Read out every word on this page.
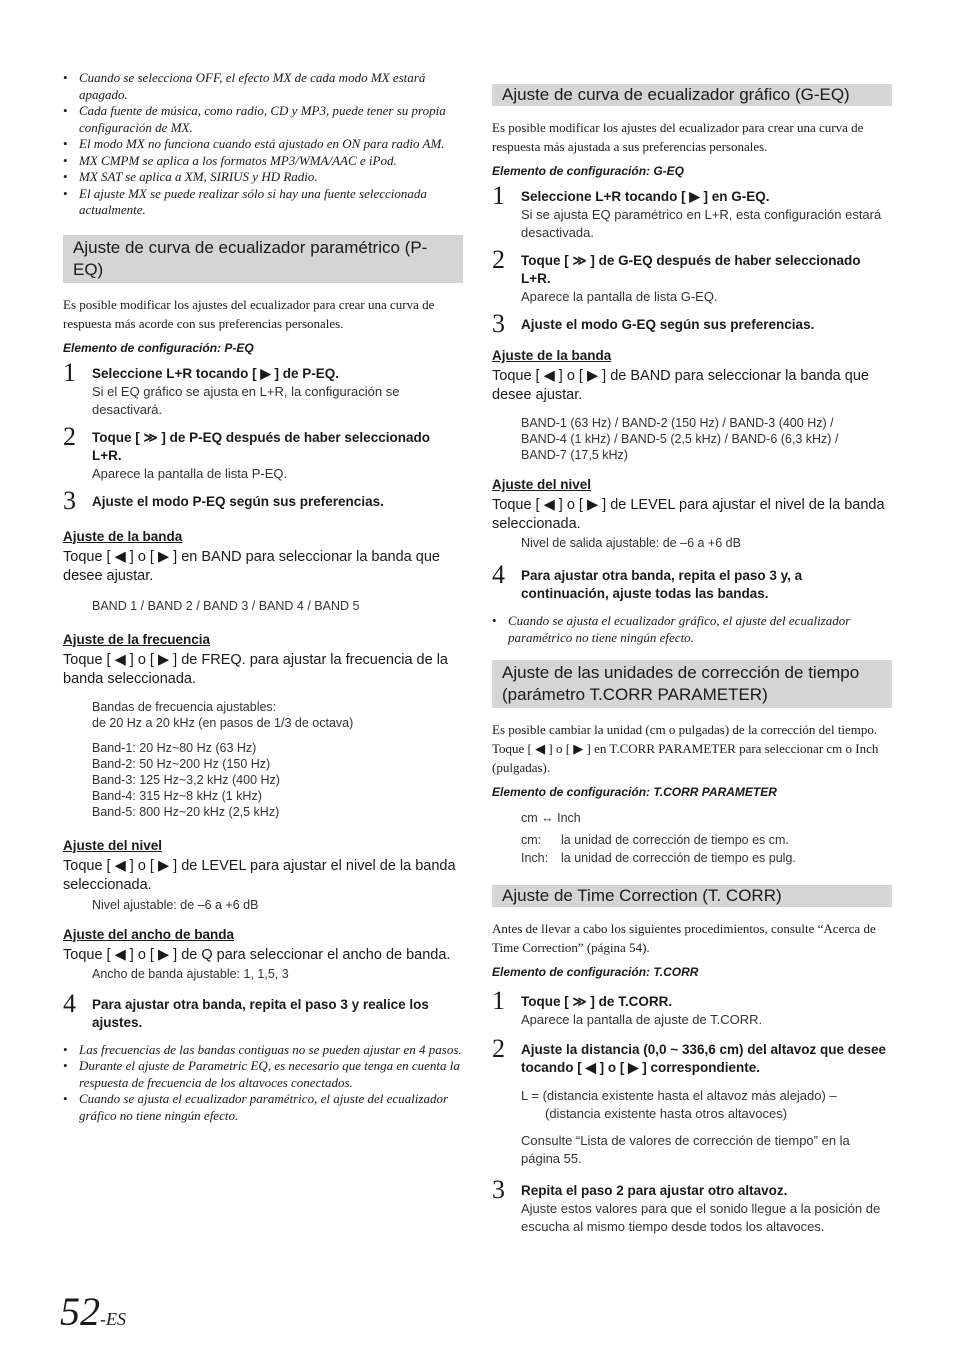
• Cuando se selecciona OFF, el efecto MX de cada modo MX estará apagado.
• Cada fuente de música, como radio, CD y MP3, puede tener su propia configuración de MX.
• El modo MX no funciona cuando está ajustado en ON para radio AM.
• MX CMPM se aplica a los formatos MP3/WMA/AAC e iPod.
• MX SAT se aplica a XM, SIRIUS y HD Radio.
• El ajuste MX se puede realizar sólo si hay una fuente seleccionada actualmente.
Ajuste de curva de ecualizador paramétrico (P-EQ)

Es posible modificar los ajustes del ecualizador para crear una curva de respuesta más acorde con sus preferencias personales.

Elemento de configuración: P-EQ
1 Seleccione L+R tocando [ ▶ ] de P-EQ.
Si el EQ gráfico se ajusta en L+R, la configuración se desactivará.
2 Toque [ ≫ ] de P-EQ después de haber seleccionado L+R.
Aparece la pantalla de lista P-EQ.
3 Ajuste el modo P-EQ según sus preferencias.
Ajuste de la banda
Toque [ ◀ ] o [ ▶ ] en BAND para seleccionar la banda que desee ajustar.
BAND 1 / BAND 2 / BAND 3 / BAND 4 / BAND 5
Ajuste de la frecuencia
Toque [ ◀ ] o [ ▶ ] de FREQ. para ajustar la frecuencia de la banda seleccionada.
Bandas de frecuencia ajustables:
de 20 Hz a 20 kHz (en pasos de 1/3 de octava)
Band-1: 20 Hz~80 Hz (63 Hz)
Band-2: 50 Hz~200 Hz (150 Hz)
Band-3: 125 Hz~3,2 kHz (400 Hz)
Band-4: 315 Hz~8 kHz (1 kHz)
Band-5: 800 Hz~20 kHz (2,5 kHz)
Ajuste del nivel
Toque [ ◀ ] o [ ▶ ] de LEVEL para ajustar el nivel de la banda seleccionada.
Nivel ajustable: de –6 a +6 dB
Ajuste del ancho de banda
Toque [ ◀ ] o [ ▶ ] de Q para seleccionar el ancho de banda.
Ancho de banda ajustable: 1, 1,5, 3
4 Para ajustar otra banda, repita el paso 3 y realice los ajustes.
• Las frecuencias de las bandas contiguas no se pueden ajustar en 4 pasos.
• Durante el ajuste de Parametric EQ, es necesario que tenga en cuenta la respuesta de frecuencia de los altavoces conectados.
• Cuando se ajusta el ecualizador paramétrico, el ajuste del ecualizador gráfico no tiene ningún efecto.
Ajuste de curva de ecualizador gráfico (G-EQ)

Es posible modificar los ajustes del ecualizador para crear una curva de respuesta más ajustada a sus preferencias personales.

Elemento de configuración: G-EQ
1 Seleccione L+R tocando [ ▶ ] en G-EQ.
Si se ajusta EQ paramétrico en L+R, esta configuración estará desactivada.
2 Toque [ ≫ ] de G-EQ después de haber seleccionado L+R.
Aparece la pantalla de lista G-EQ.
3 Ajuste el modo G-EQ según sus preferencias.
Ajuste de la banda
Toque [ ◀ ] o [ ▶ ] de BAND para seleccionar la banda que desee ajustar.
BAND-1 (63 Hz) / BAND-2 (150 Hz) / BAND-3 (400 Hz) /
BAND-4 (1 kHz) / BAND-5 (2,5 kHz) / BAND-6 (6,3 kHz) /
BAND-7 (17,5 kHz)
Ajuste del nivel
Toque [ ◀ ] o [ ▶ ] de LEVEL para ajustar el nivel de la banda seleccionada.
Nivel de salida ajustable: de –6 a +6 dB
4 Para ajustar otra banda, repita el paso 3 y, a continuación, ajuste todas las bandas.
• Cuando se ajusta el ecualizador gráfico, el ajuste del ecualizador paramétrico no tiene ningún efecto.
Ajuste de las unidades de corrección de tiempo (parámetro T.CORR PARAMETER)

Es posible cambiar la unidad (cm o pulgadas) de la corrección del tiempo.

Toque [ ◀ ] o [ ▶ ] en T.CORR PARAMETER para seleccionar cm o Inch (pulgadas).

Elemento de configuración: T.CORR PARAMETER
cm ↔ Inch
cm: la unidad de corrección de tiempo es cm.
Inch: la unidad de corrección de tiempo es pulg.
Ajuste de Time Correction (T. CORR)

Antes de llevar a cabo los siguientes procedimientos, consulte “Acerca de Time Correction” (página 54).

Elemento de configuración: T.CORR
1 Toque [ ≫ ] de T.CORR.
Aparece la pantalla de ajuste de T.CORR.
2 Ajuste la distancia (0,0 ~ 336,6 cm) del altavoz que desee tocando [ ◀ ] o [ ▶ ] correspondiente.
L = (distancia existente hasta el altavoz más alejado) –
(distancia existente hasta otros altavoces)
Consulte “Lista de valores de corrección de tiempo” en la página 55.
3 Repita el paso 2 para ajustar otro altavoz.
Ajuste estos valores para que el sonido llegue a la posición de escucha al mismo tiempo desde todos los altavoces.
52-ES
